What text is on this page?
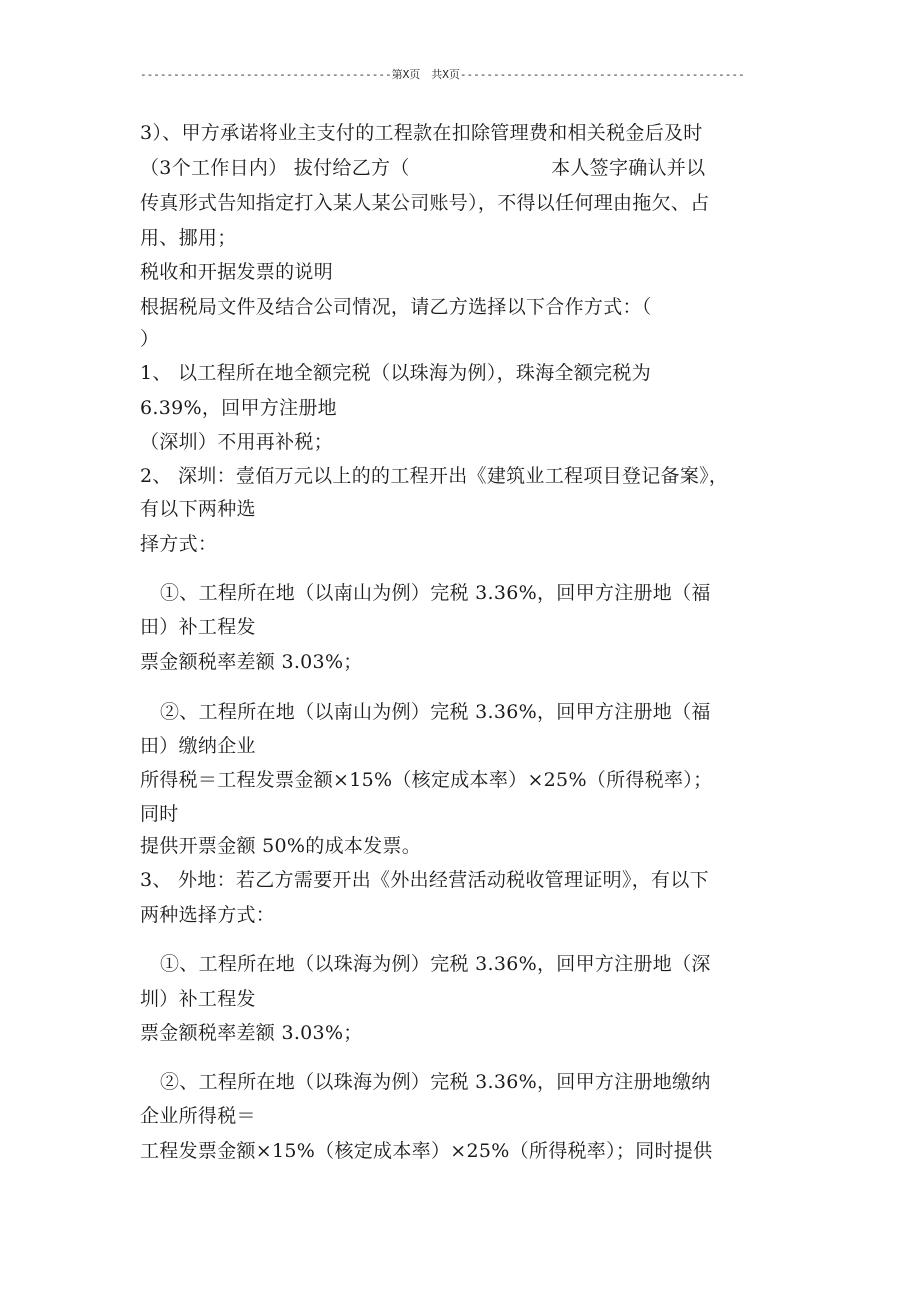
--------------------------------------第X页　共X页-------------------------------------------
3）、甲方承诺将业主支付的工程款在扣除管理费和相关税金后及时
（3个工作日内） 拔付给乙方（　　　　　　　 本人签字确认并以
传真形式告知指定打入某人某公司账号），不得以任何理由拖欠、占
用、挪用；
税收和开据发票的说明
根据税局文件及结合公司情况，请乙方选择以下合作方式：（
）
1、 以工程所在地全额完税（以珠海为例），珠海全额完税为
6.39%，回甲方注册地
（深圳）不用再补税；
2、 深圳：壹佰万元以上的的工程开出《建筑业工程项目登记备案》，
有以下两种选
择方式：
①、工程所在地（以南山为例）完税 3.36%，回甲方注册地（福
田）补工程发
票金额税率差额 3.03%；
②、工程所在地（以南山为例）完税 3.36%，回甲方注册地（福
田）缴纳企业
所得税＝工程发票金额×15%（核定成本率）×25%（所得税率）；
同时
提供开票金额 50%的成本发票。
3、 外地：若乙方需要开出《外出经营活动税收管理证明》，有以下
两种选择方式：
①、工程所在地（以珠海为例）完税 3.36%，回甲方注册地（深
圳）补工程发
票金额税率差额 3.03%；
②、工程所在地（以珠海为例）完税 3.36%，回甲方注册地缴纳
企业所得税＝
工程发票金额×15%（核定成本率）×25%（所得税率）；同时提供
